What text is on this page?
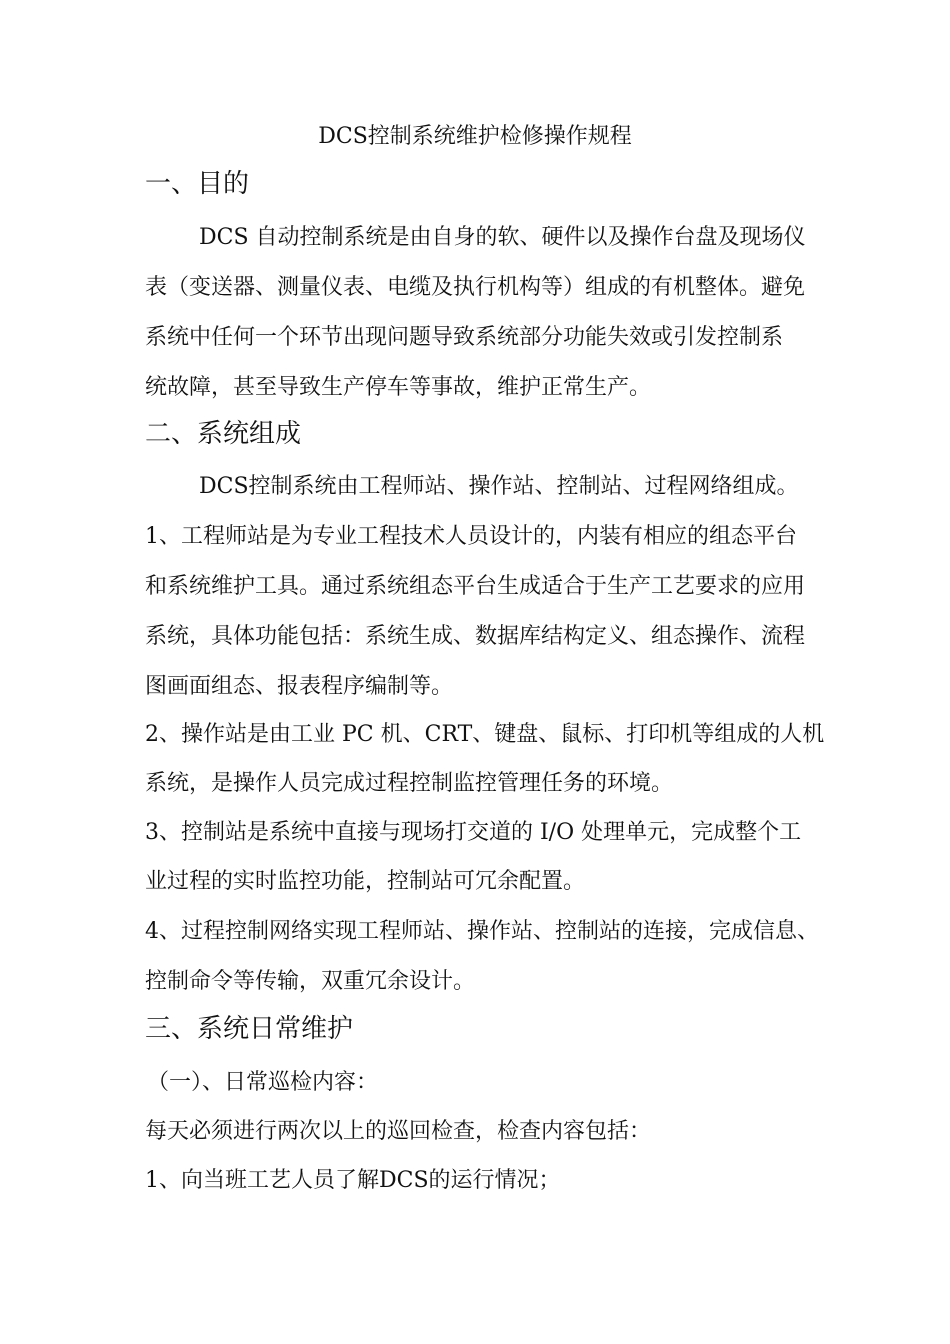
DCS控制系统维护检修操作规程
一、目的
DCS 自动控制系统是由自身的软、硬件以及操作台盘及现场仪
表（变送器、测量仪表、电缆及执行机构等）组成的有机整体。避免
系统中任何一个环节出现问题导致系统部分功能失效或引发控制系
统故障，甚至导致生产停车等事故，维护正常生产。
二、系统组成
DCS控制系统由工程师站、操作站、控制站、过程网络组成。
1、工程师站是为专业工程技术人员设计的，内装有相应的组态平台
和系统维护工具。通过系统组态平台生成适合于生产工艺要求的应用
系统，具体功能包括：系统生成、数据库结构定义、组态操作、流程
图画面组态、报表程序编制等。
2、操作站是由工业 PC 机、CRT、键盘、鼠标、打印机等组成的人机
系统，是操作人员完成过程控制监控管理任务的环境。
3、控制站是系统中直接与现场打交道的 I/O 处理单元，完成整个工
业过程的实时监控功能，控制站可冗余配置。
4、过程控制网络实现工程师站、操作站、控制站的连接，完成信息、
控制命令等传输，双重冗余设计。
三、系统日常维护
（一）、日常巡检内容：
每天必须进行两次以上的巡回检查，检查内容包括：
1、向当班工艺人员了解DCS的运行情况；
